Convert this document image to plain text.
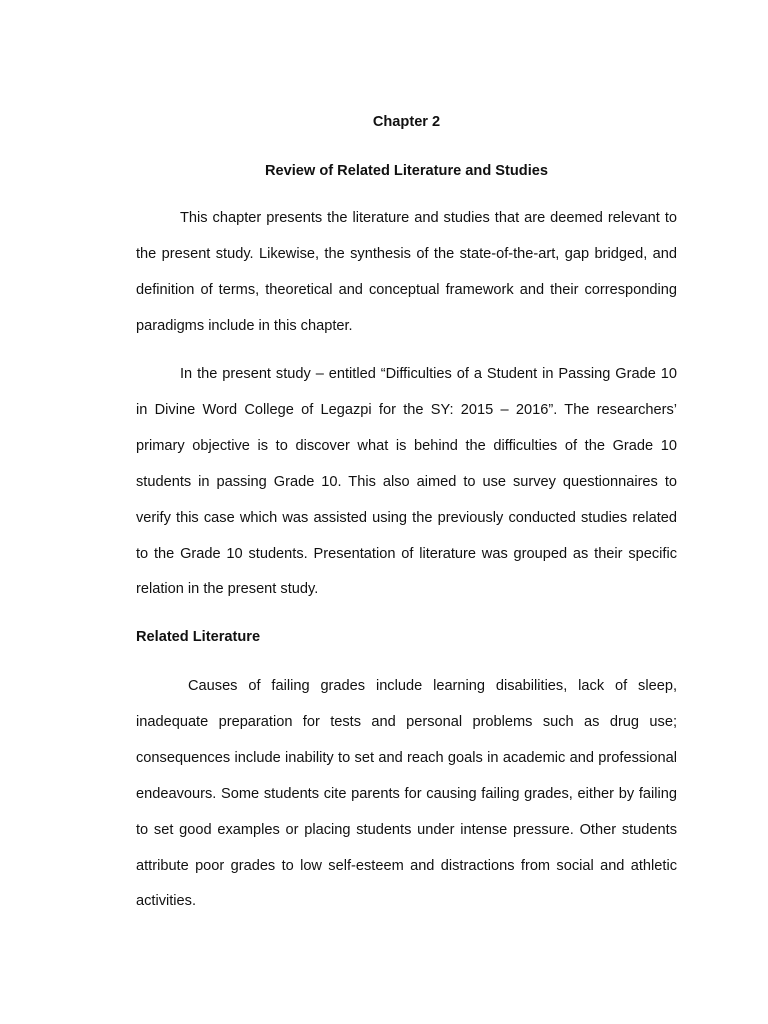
Chapter 2
Review of Related Literature and Studies

This chapter presents the literature and studies that are deemed relevant to the present study. Likewise, the synthesis of the state-of-the-art, gap bridged, and definition of terms, theoretical and conceptual framework and their corresponding paradigms include in this chapter.

In the present study – entitled “Difficulties of a Student in Passing Grade 10 in Divine Word College of Legazpi for the SY: 2015 – 2016”. The researchers’ primary objective is to discover what is behind the difficulties of the Grade 10 students in passing Grade 10. This also aimed to use survey questionnaires to verify this case which was assisted using the previously conducted studies related to the Grade 10 students. Presentation of literature was grouped as their specific relation in the present study.

Related Literature

Causes of failing grades include learning disabilities, lack of sleep, inadequate preparation for tests and personal problems such as drug use; consequences include inability to set and reach goals in academic and professional endeavours. Some students cite parents for causing failing grades, either by failing to set good examples or placing students under intense pressure. Other students attribute poor grades to low self-esteem and distractions from social and athletic activities.
